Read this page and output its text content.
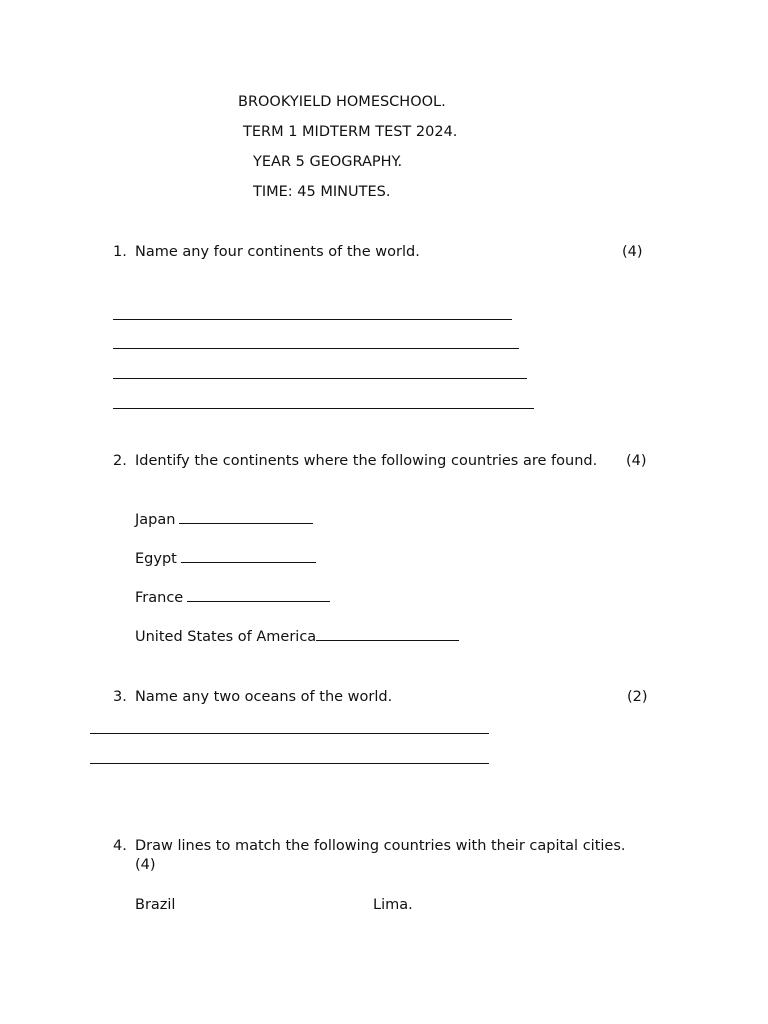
BROOKYIELD HOMESCHOOL.
TERM 1 MIDTERM TEST 2024.
YEAR 5 GEOGRAPHY.
TIME: 45 MINUTES.
1. Name any four continents of the world.	(4)
2. Identify the continents where the following countries are found. (4)
Japan
Egypt
France
United States of America
3. Name any two oceans of the world.	(2)
4. Draw lines to match the following countries with their capital cities.
(4)
Brazil	Lima.
